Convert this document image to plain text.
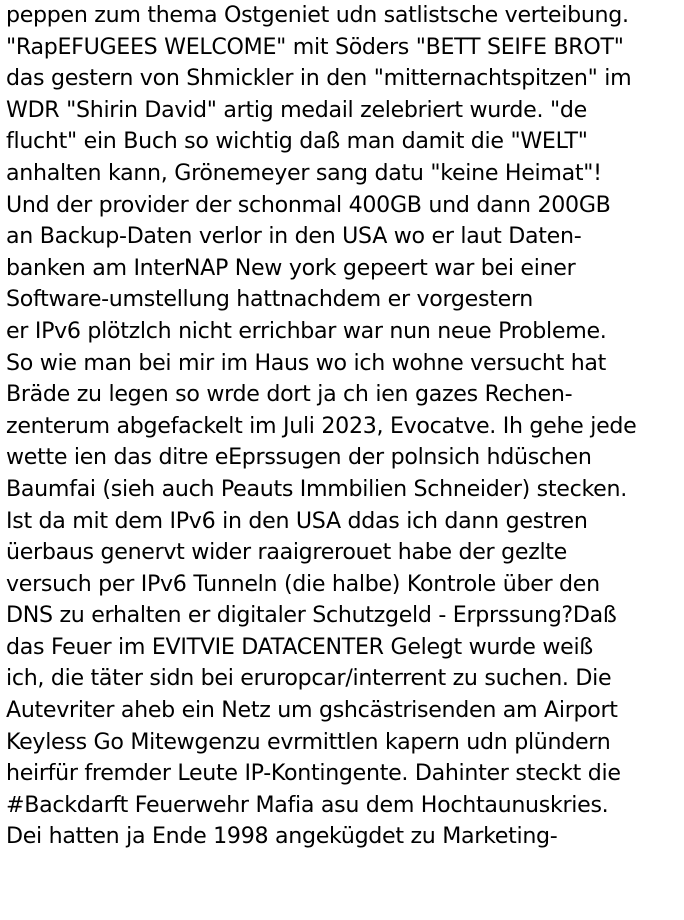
peppen zum thema Ostgeniet udn satlistsche verteibung.
"RapEFUGEES WELCOME" mit Söders "BETT SEIFE BROT"
das gestern von Shmickler in den "mitternachtspitzen" im
WDR "Shirin David" artig medail zelebriert wurde. "de
flucht" ein Buch so wichtig daß man damit die "WELT"
anhalten kann, Grönemeyer sang datu "keine Heimat"!
Und der provider der schonmal 400GB und dann 200GB
an Backup-Daten verlor in den USA wo er laut Daten-
banken am InterNAP New york gepeert war bei einer
Software-umstellung hattnachdem er vorgestern
er IPv6 plötzlch nicht errichbar war nun neue Probleme.
So wie man bei mir im Haus wo ich wohne versucht hat
Bräde zu legen so wrde dort ja ch ien gazes Rechen-
zenterum abgefackelt im Juli 2023, Evocatve. Ih gehe jede
wette ien das ditre eEprssugen der polnsich hdüschen
Baumfai (sieh auch Peauts Immbilien Schneider) stecken.
Ist da mit dem IPv6 in den USA ddas ich dann gestren
üerbaus genervt wider raaigrerouet habe der gezlte
versuch per IPv6 Tunneln (die halbe) Kontrole über den
DNS zu erhalten er digitaler Schutzgeld - Erprssung?Daß
das Feuer im EVITVIE DATACENTER Gelegt wurde weiß
ich, die täter sidn bei eruropcar/interrent zu suchen. Die
Autevriter aheb ein Netz um gshcästrisenden am Airport
Keyless Go Mitewgenzu evrmittlen kapern udn plündern
heirfür fremder Leute IP-Kontingente. Dahinter steckt die
#Backdarft Feuerwehr Mafia asu dem Hochtaunuskries.
Dei hatten ja Ende 1998 angekügdet zu Marketing-
